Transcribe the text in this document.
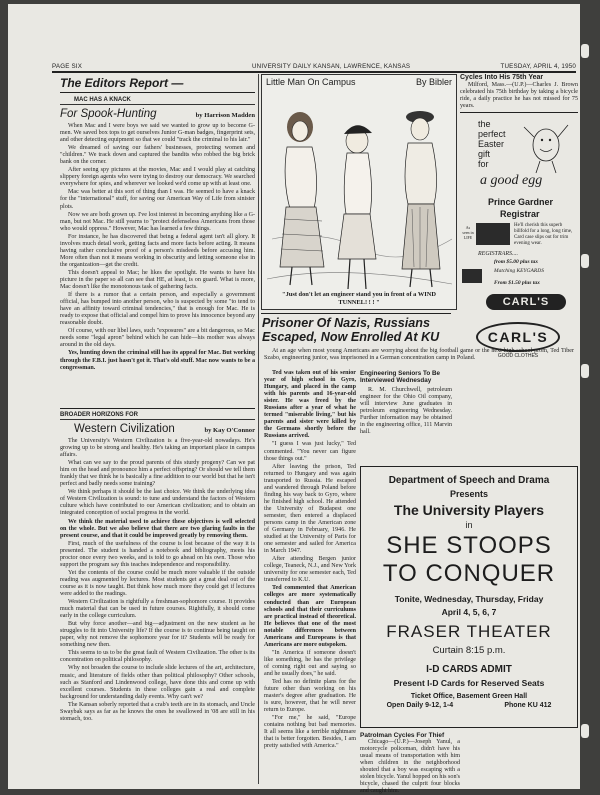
PAGE SIX	UNIVERSITY DAILY KANSAN, LAWRENCE, KANSAS	TUESDAY, APRIL 4, 1950
The Editors Report —
MAC HAS A KNACK
For Spook-Hunting	by Harrison Madden

When Mac and I were boys we said we wanted to grow up to become G-men. We saved box tops to get ourselves Junior G-man badges, fingerprint sets, and other detecting equipment so that we could "track the criminal to his lair."

We dreamed of saving our fathers' businesses, protecting women and "children." We track down and captured the bandits who robbed the big brick bank on the corner.

After seeing spy pictures at the movies, Mac and I would play at catching slippery foreign agents who were trying to destroy our democracy. We searched everywhere for spies, and wherever we looked we'd come up with at least one.

Mac was better at this sort of thing than I was. He seemed to have a knack for the "international" stuff, for saving our American Way of Life from sinister plots.

Now we are both grown up. I've lost interest in becoming anything like a G-man, but not Mac. He still yearns to "protect defenseless Americans from those who would oppress." However, Mac has learned a few things.

For instance, he has discovered that being a federal agent isn't all glory. It involves much detail work, getting facts and more facts before acting. It means having rather conclusive proof of a person's misdeeds before accusing him. More often than not it means working in obscurity and letting someone else in the organization—get the credit.

This doesn't appeal to Mac; he likes the spotlight. He wants to have his picture in the paper so all can see that HE, at least, is on guard. What is more, Mac doesn't like the monotonous task of gathering facts.

If there is a rumor that a certain person, and especially a government official, has bumped into another person, who is suspected by some "to tend to have an affinity toward criminal tendencies," that is enough for Mac. He is ready to expose that official and compel him to prove his innocence beyond any reasonable doubt.

Of course, with our libel laws, such "exposures" are a bit dangerous, so Mac needs some "legal apron" behind which he can hide—his mother was always around in the old days.

Yes, hunting down the criminal still has its appeal for Mac. But working through the F.B.I. just hasn't got it. That's old stuff. Mac now wants to be a congressman.

BROADER HORIZONS FOR
Western Civilization	by Kay O'Connor

The University's Western Civilization is a five-year-old nowadays. He's growing up to be strong and healthy. He's taking an important place in campus affairs.

What can we say to the proud parents of this sturdy progeny? Can we pat him on the head and pronounce him a perfect offspring? Or should we tell them frankly that we think he is basically a fine addition to our world but that he isn't perfect and badly needs some training?

We think perhaps it should be the last choice. We think the underlying idea of Western Civilization is sound: to tune and understand the factors of Western culture which have contributed to our American civilization; and to obtain an integrated conception of social progress in the world.

We think the material used to achieve these objectives is well selected on the whole. But we also believe that there are two glaring faults in the present course, and that it could be improved greatly by removing them.

First, much of the usefulness of the course is lost because of the way it is presented. The student is handed a notebook and bibliography, meets his proctor once every two weeks, and is told to go ahead on his own. Those who support the program say this teaches independence and responsibility.

Yet the contents of the course could be much more valuable if the outside reading was augmented by lectures. Most students get a great deal out of the course as it is now taught. But think how much more they could get if lectures were added to the readings.

Western Civilization is rightfully a freshman-sophomore course. It provides much material that can be used in future courses. Rightfully, it should come early in the college curriculum.

But why force another—and big—adjustment on the new student as he struggles to fit into University life? If the course is to continue being taught on paper, why not remove the sophomore year for it? Students will be ready for something new then.

This seems to us to be the great fault of Western Civilization. The other is its concentration on political philosophy.

Why not broaden the course to include slide lectures of the art, architecture, music, and literature of fields other than political philosophy? Other schools, such as Stanford and Lindenwood college, have done this and come up with excellent courses. Students in these colleges gain a real and complete background for understanding daily events. Why can't we?

The Kansan soberly reported that a crab's teeth are in its stomach, and Uncle Swaybak says as far as he knows the ones he swallowed in '08 are still in his stomach, too.

Little Man On Campus	By Bibler
"Just don't let an engineer stand you in front of a WIND TUNNEL! ! ! "
Cycles Into His 75th Year

Milford, Mass.—(U.P.)—Charles J. Brown celebrated his 75th birthday by taking a bicycle ride, a daily practice he has not missed for 75 years.

the
perfect
Easter
gift
for
a good egg
Prince Gardner
Registrar
As seen in LIFE
He'll cherish this superb billfold for a long, long time, Card case slips out for trim evening wear.
REGISTRARS....
from $5.00 plus tax
Matching KEYGARDS
From $1.50 plus tax
CARL'S
Prisoner Of Nazis, Russians Escaped, Now Enrolled At KU

At an age when most young Americans are worrying about the big football game or the next high school prom, Ted Tiber Szabo, engineering junior, was imprisoned in a German concentration camp in Poland.

Ted was taken out of his senior year of high school in Gyro, Hungary, and placed in the camp with his parents and 16-year-old sister. He was freed by the Russians after a year of what he termed "miserable living," but his parents and sister were killed by the Germans shortly before the Russians arrived.

"I guess I was just lucky," Ted commented. "You never can figure those things out."

After leaving the prison, Ted returned to Hungary and was again transported to Russia. He escaped and wandered through Poland before finding his way back to Gyro, where he finished high school. He attended the University of Budapest one semester, then entered a displaced persons camp in the American zone of Germany in February, 1946. He studied at the University of Paris for one semester and sailed for America in March 1947.

After attending Bergen junior college, Teaneck, N.J., and New York university for one semester each, Ted transferred to K.U.

Ted commented that American colleges are more systematically conducted than are European schools and that their curriculums are practical instead of theoretical. He believes that one of the most notable differences between Americans and Europeans is that Americans are more outspoken.

"In America if someone doesn't like something, he has the privilege of coming right out and saying so and he usually does," he said.

Ted has no definite plans for the future other than working on his master's degree after graduation. He is sure, however, that he will never return to Europe.

"For me," he said, "Europe contains nothing but bad memories. It all seems like a terrible nightmare that is better forgotten. Besides, I am pretty satisfied with America."

Engineering Seniors To Be Interviewed Wednesday

R. M. Churchwell, petroleum engineer for the Ohio Oil company, will interview June graduates in petroleum engineering Wednesday. Further information may be obtained in the engineering office, 111 Marvin hall.

CARL'S
GOOD CLOTHES
Department of Speech and Drama
Presents
The University Players
in
SHE STOOPS
TO CONQUER
Tonite, Wednesday, Thursday, Friday
April 4, 5, 6, 7
FRASER THEATER
Curtain 8:15 p.m.
I-D CARDS ADMIT
Present I-D Cards for Reserved Seats
Ticket Office, Basement Green Hall
Open Daily 9-12, 1-4	Phone KU 412
Patrolman Cycles For Thief

Chicago—(U.P.)—Joseph Yanul, a motorcycle policeman, didn't have his usual means of transportation with him when children in the neighborhood shouted that a boy was escaping with a stolen bicycle. Yanul hopped on his son's bicycle, chased the culprit four blocks and caught him.
